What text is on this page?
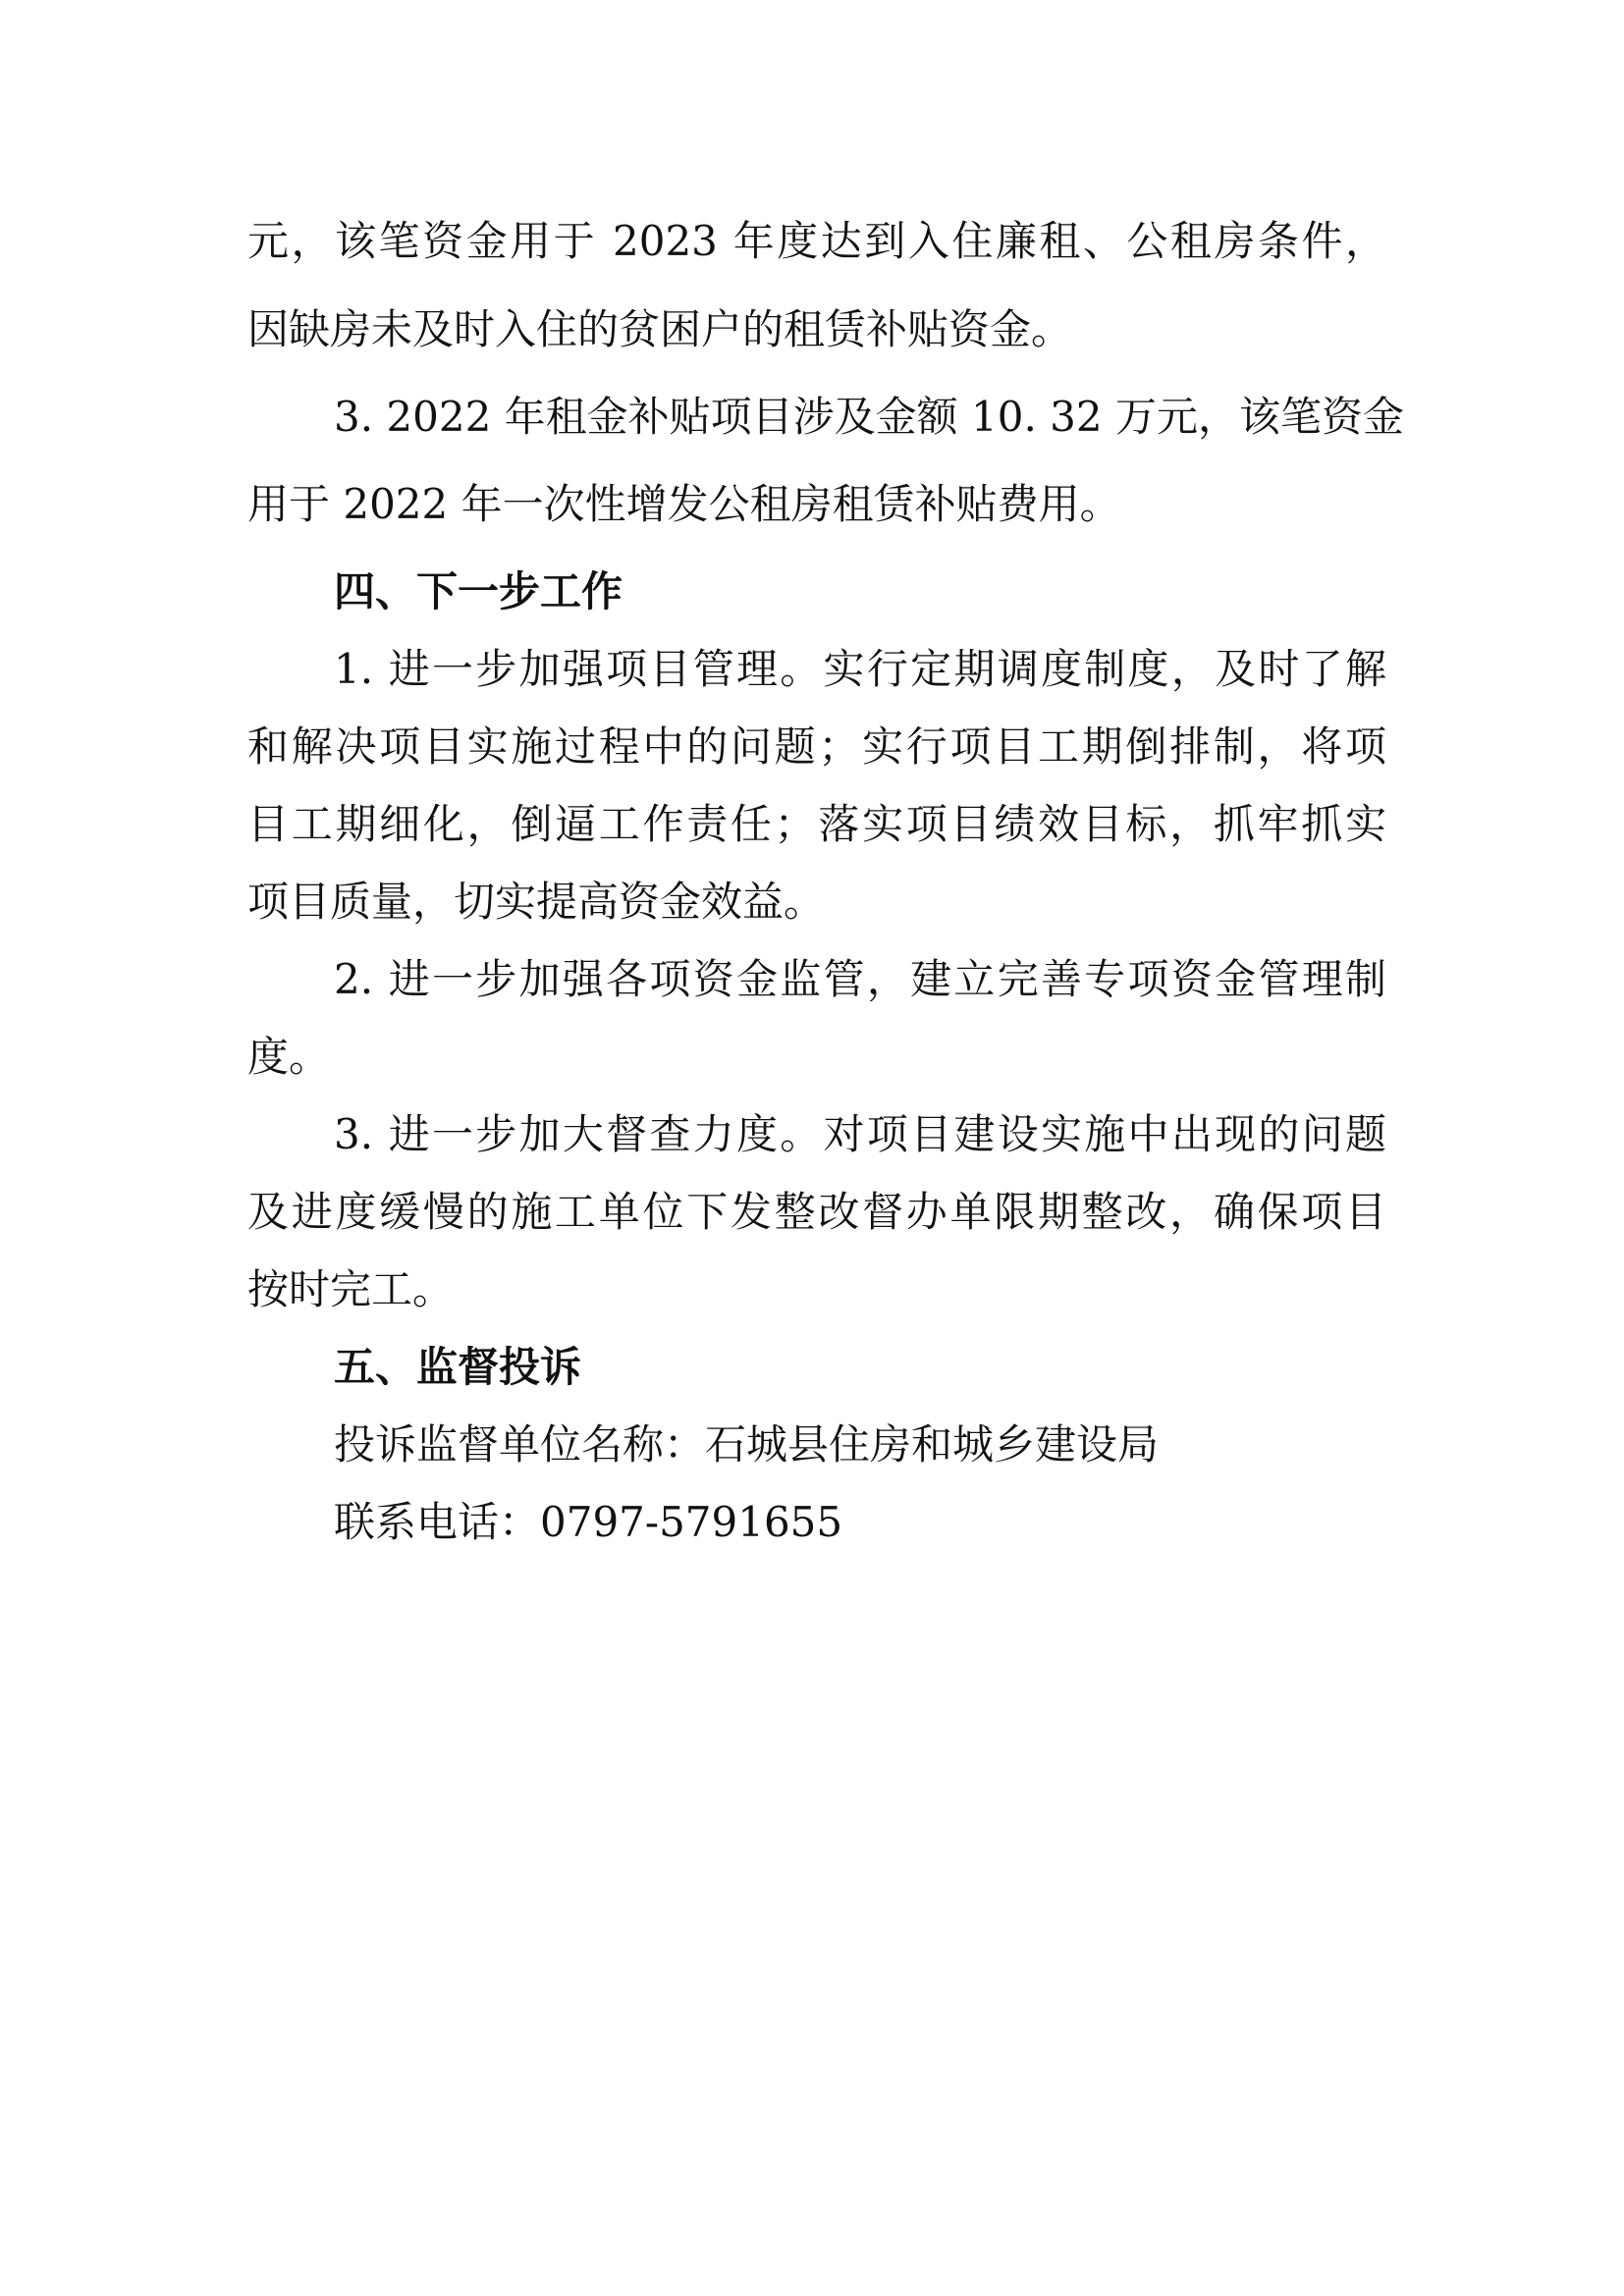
元，该笔资金用于 2023 年度达到入住廉租、公租房条件，
因缺房未及时入住的贫困户的租赁补贴资金。
3. 2022 年租金补贴项目涉及金额 10. 32 万元，该笔资金
用于 2022 年一次性增发公租房租赁补贴费用。
四、下一步工作
1. 进一步加强项目管理。实行定期调度制度，及时了解
和解决项目实施过程中的问题；实行项目工期倒排制，将项
目工期细化，倒逼工作责任；落实项目绩效目标，抓牢抓实
项目质量，切实提高资金效益。
2. 进一步加强各项资金监管，建立完善专项资金管理制
度。
3. 进一步加大督查力度。对项目建设实施中出现的问题
及进度缓慢的施工单位下发整改督办单限期整改，确保项目
按时完工。
五、监督投诉
投诉监督单位名称：石城县住房和城乡建设局
联系电话：0797-5791655
